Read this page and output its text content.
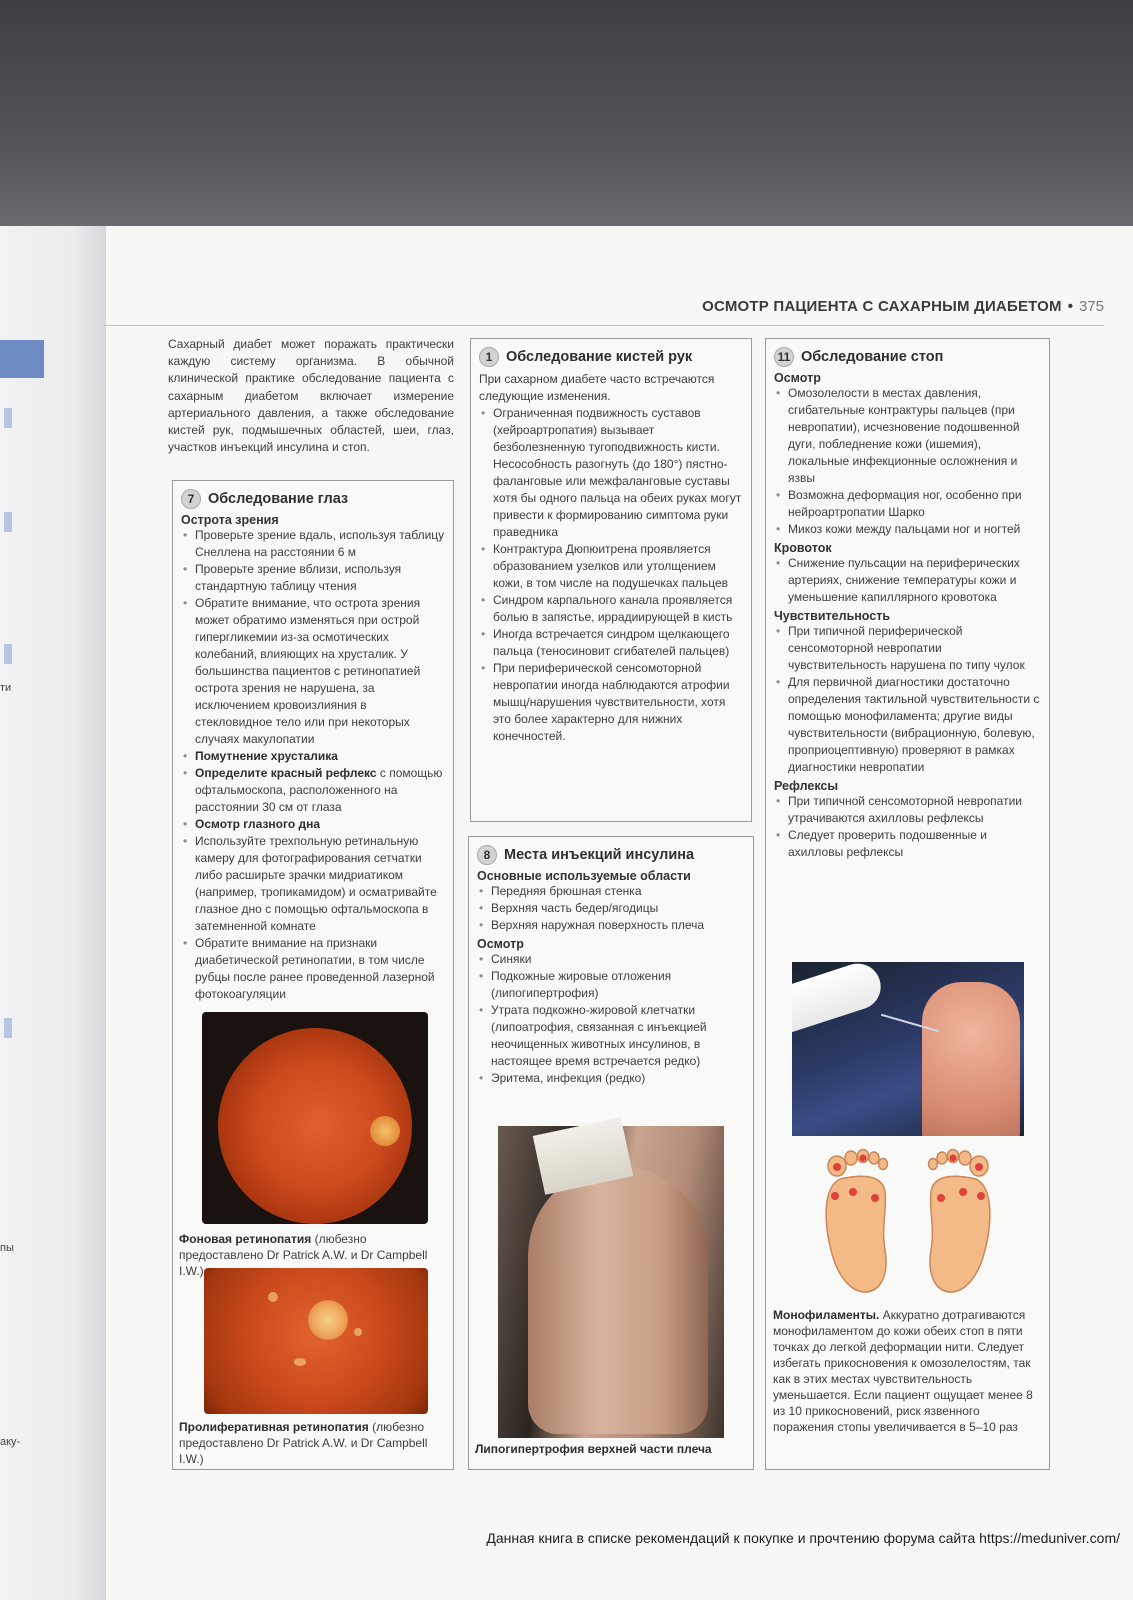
ти
пы
аку-
ОСМОТР ПАЦИЕНТА С САХАРНЫМ ДИАБЕТОМ • 375
Сахарный диабет может поражать практически каждую систему организма. В обычной клинической практике обследование пациента с сахарным диабетом включает измерение артериального давления, а также обследование кистей рук, подмышечных областей, шеи, глаз, участков инъекций инсулина и стоп.
7 Обследование глаз
Острота зрения
• Проверьте зрение вдаль, используя таблицу Снеллена на расстоянии 6 м
• Проверьте зрение вблизи, используя стандартную таблицу чтения
• Обратите внимание, что острота зрения может обратимо изменяться при острой гипергликемии из-за осмотических колебаний, влияющих на хрусталик. У большинства пациентов с ретинопатией острота зрения не нарушена, за исключением кровоизлияния в стекловидное тело или при некоторых случаях макулопатии
• Помутнение хрусталика
• Определите красный рефлекс с помощью офтальмоскопа, расположенного на расстоянии 30 см от глаза
• Осмотр глазного дна
• Используйте трехпольную ретинальную камеру для фотографирования сетчатки либо расширьте зрачки мидриатиком (например, тропикамидом) и осматривайте глазное дно с помощью офтальмоскопа в затемненной комнате
• Обратите внимание на признаки диабетической ретинопатии, в том числе рубцы после ранее проведенной лазерной фотокоагуляции
Фоновая ретинопатия (любезно предоставлено Dr Patrick A.W. и Dr Campbell I.W.)
Пролиферативная ретинопатия (любезно предоставлено Dr Patrick A.W. и Dr Campbell I.W.)
1 Обследование кистей рук
При сахарном диабете часто встречаются следующие изменения.
• Ограниченная подвижность суставов (хейроартропатия) вызывает безболезненную тугоподвижность кисти. Несособность разогнуть (до 180°) пястно-фаланговые или межфаланговые суставы хотя бы одного пальца на обеих руках могут привести к формированию симптома руки праведника
• Контрактура Дюпюитрена проявляется образованием узелков или утолщением кожи, в том числе на подушечках пальцев
• Синдром карпального канала проявляется болью в запястье, иррадиирующей в кисть
• Иногда встречается синдром щелкающего пальца (теносиновит сгибателей пальцев)
• При периферической сенсомоторной невропатии иногда наблюдаются атрофии мышц/нарушения чувствительности, хотя это более характерно для нижних конечностей.
8 Места инъекций инсулина
Основные используемые области
• Передняя брюшная стенка
• Верхняя часть бедер/ягодицы
• Верхняя наружная поверхность плеча
Осмотр
• Синяки
• Подкожные жировые отложения (липогипертрофия)
• Утрата подкожно-жировой клетчатки (липоатрофия, связанная с инъекцией неочищенных животных инсулинов, в настоящее время встречается редко)
• Эритема, инфекция (редко)
Липогипертрофия верхней части плеча
11 Обследование стоп
Осмотр
• Омозолелости в местах давления, сгибательные контрактуры пальцев (при невропатии), исчезновение подошвенной дуги, побледнение кожи (ишемия), локальные инфекционные осложнения и язвы
• Возможна деформация ног, особенно при нейроартропатии Шарко
• Микоз кожи между пальцами ног и ногтей
Кровоток
• Снижение пульсации на периферических артериях, снижение температуры кожи и уменьшение капиллярного кровотока
Чувствительность
• При типичной периферической сенсомоторной невропатии чувствительность нарушена по типу чулок
• Для первичной диагностики достаточно определения тактильной чувствительности с помощью монофиламента; другие виды чувствительности (вибрационную, болевую, проприоцептивную) проверяют в рамках диагностики невропатии
Рефлексы
• При типичной сенсомоторной невропатии утрачиваются ахилловы рефлексы
• Следует проверить подошвенные и ахилловы рефлексы
Монофиламенты. Аккуратно дотрагиваются монофиламентом до кожи обеих стоп в пяти точках до легкой деформации нити. Следует избегать прикосновения к омозолелостям, так как в этих местах чувствительность уменьшается. Если пациент ощущает менее 8 из 10 прикосновений, риск язвенного поражения стопы увеличивается в 5–10 раз
Данная книга в списке рекомендаций к покупке и прочтению форума сайта https://meduniver.com/
